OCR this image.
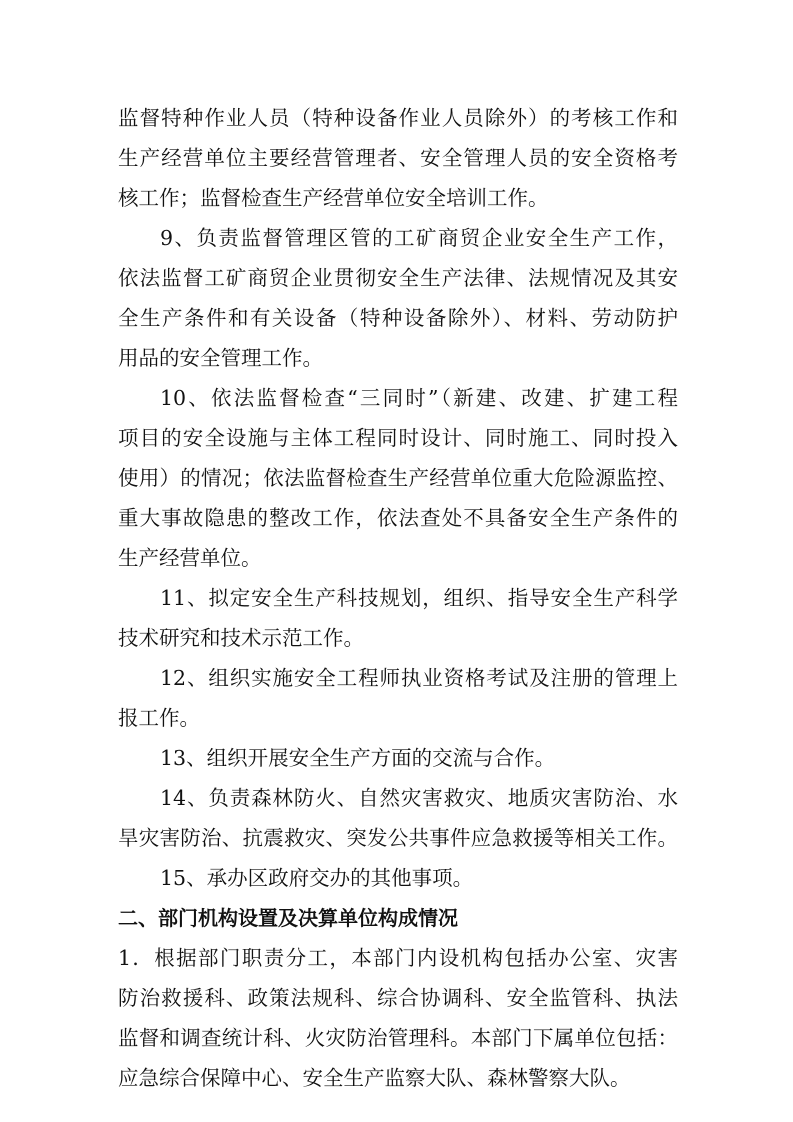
监督特种作业人员（特种设备作业人员除外）的考核工作和
生产经营单位主要经营管理者、安全管理人员的安全资格考
核工作；监督检查生产经营单位安全培训工作。
9、负责监督管理区管的工矿商贸企业安全生产工作，
依法监督工矿商贸企业贯彻安全生产法律、法规情况及其安
全生产条件和有关设备（特种设备除外）、材料、劳动防护
用品的安全管理工作。
10、依法监督检查“三同时”（新建、改建、扩建工程
项目的安全设施与主体工程同时设计、同时施工、同时投入
使用）的情况；依法监督检查生产经营单位重大危险源监控、
重大事故隐患的整改工作，依法查处不具备安全生产条件的
生产经营单位。
11、拟定安全生产科技规划，组织、指导安全生产科学
技术研究和技术示范工作。
12、组织实施安全工程师执业资格考试及注册的管理上
报工作。
13、组织开展安全生产方面的交流与合作。
14、负责森林防火、自然灾害救灾、地质灾害防治、水
旱灾害防治、抗震救灾、突发公共事件应急救援等相关工作。
15、承办区政府交办的其他事项。
二、部门机构设置及决算单位构成情况
1．根据部门职责分工，本部门内设机构包括办公室、灾害
防治救援科、政策法规科、综合协调科、安全监管科、执法
监督和调查统计科、火灾防治管理科。本部门下属单位包括：
应急综合保障中心、安全生产监察大队、森林警察大队。
